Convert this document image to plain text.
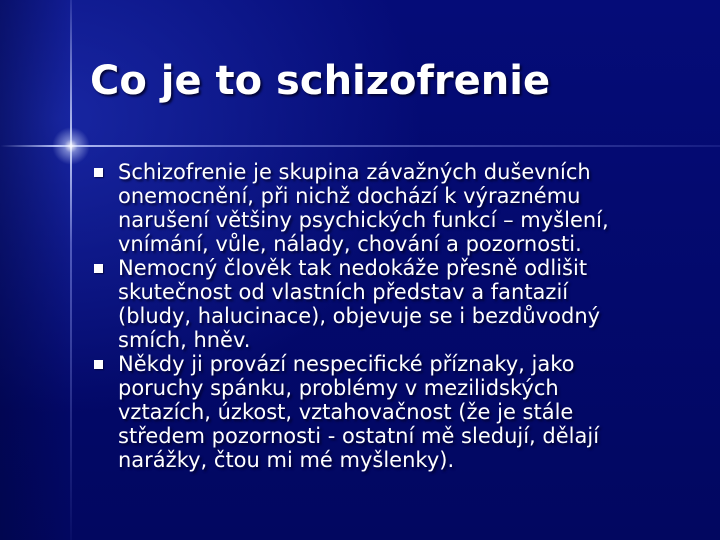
Co je to schizofrenie
Schizofrenie je skupina závažných duševních
onemocnění, při nichž dochází k výraznému
narušení většiny psychických funkcí – myšlení,
vnímání, vůle, nálady, chování a pozornosti.
Nemocný člověk tak nedokáže přesně odlišit
skutečnost od vlastních představ a fantazií
(bludy, halucinace), objevuje se i bezdůvodný
smích, hněv.
Někdy ji provází nespecifické příznaky, jako
poruchy spánku, problémy v mezilidských
vztazích, úzkost, vztahovačnost (že je stále
středem pozornosti - ostatní mě sledují, dělají
narážky, čtou mi mé myšlenky).
